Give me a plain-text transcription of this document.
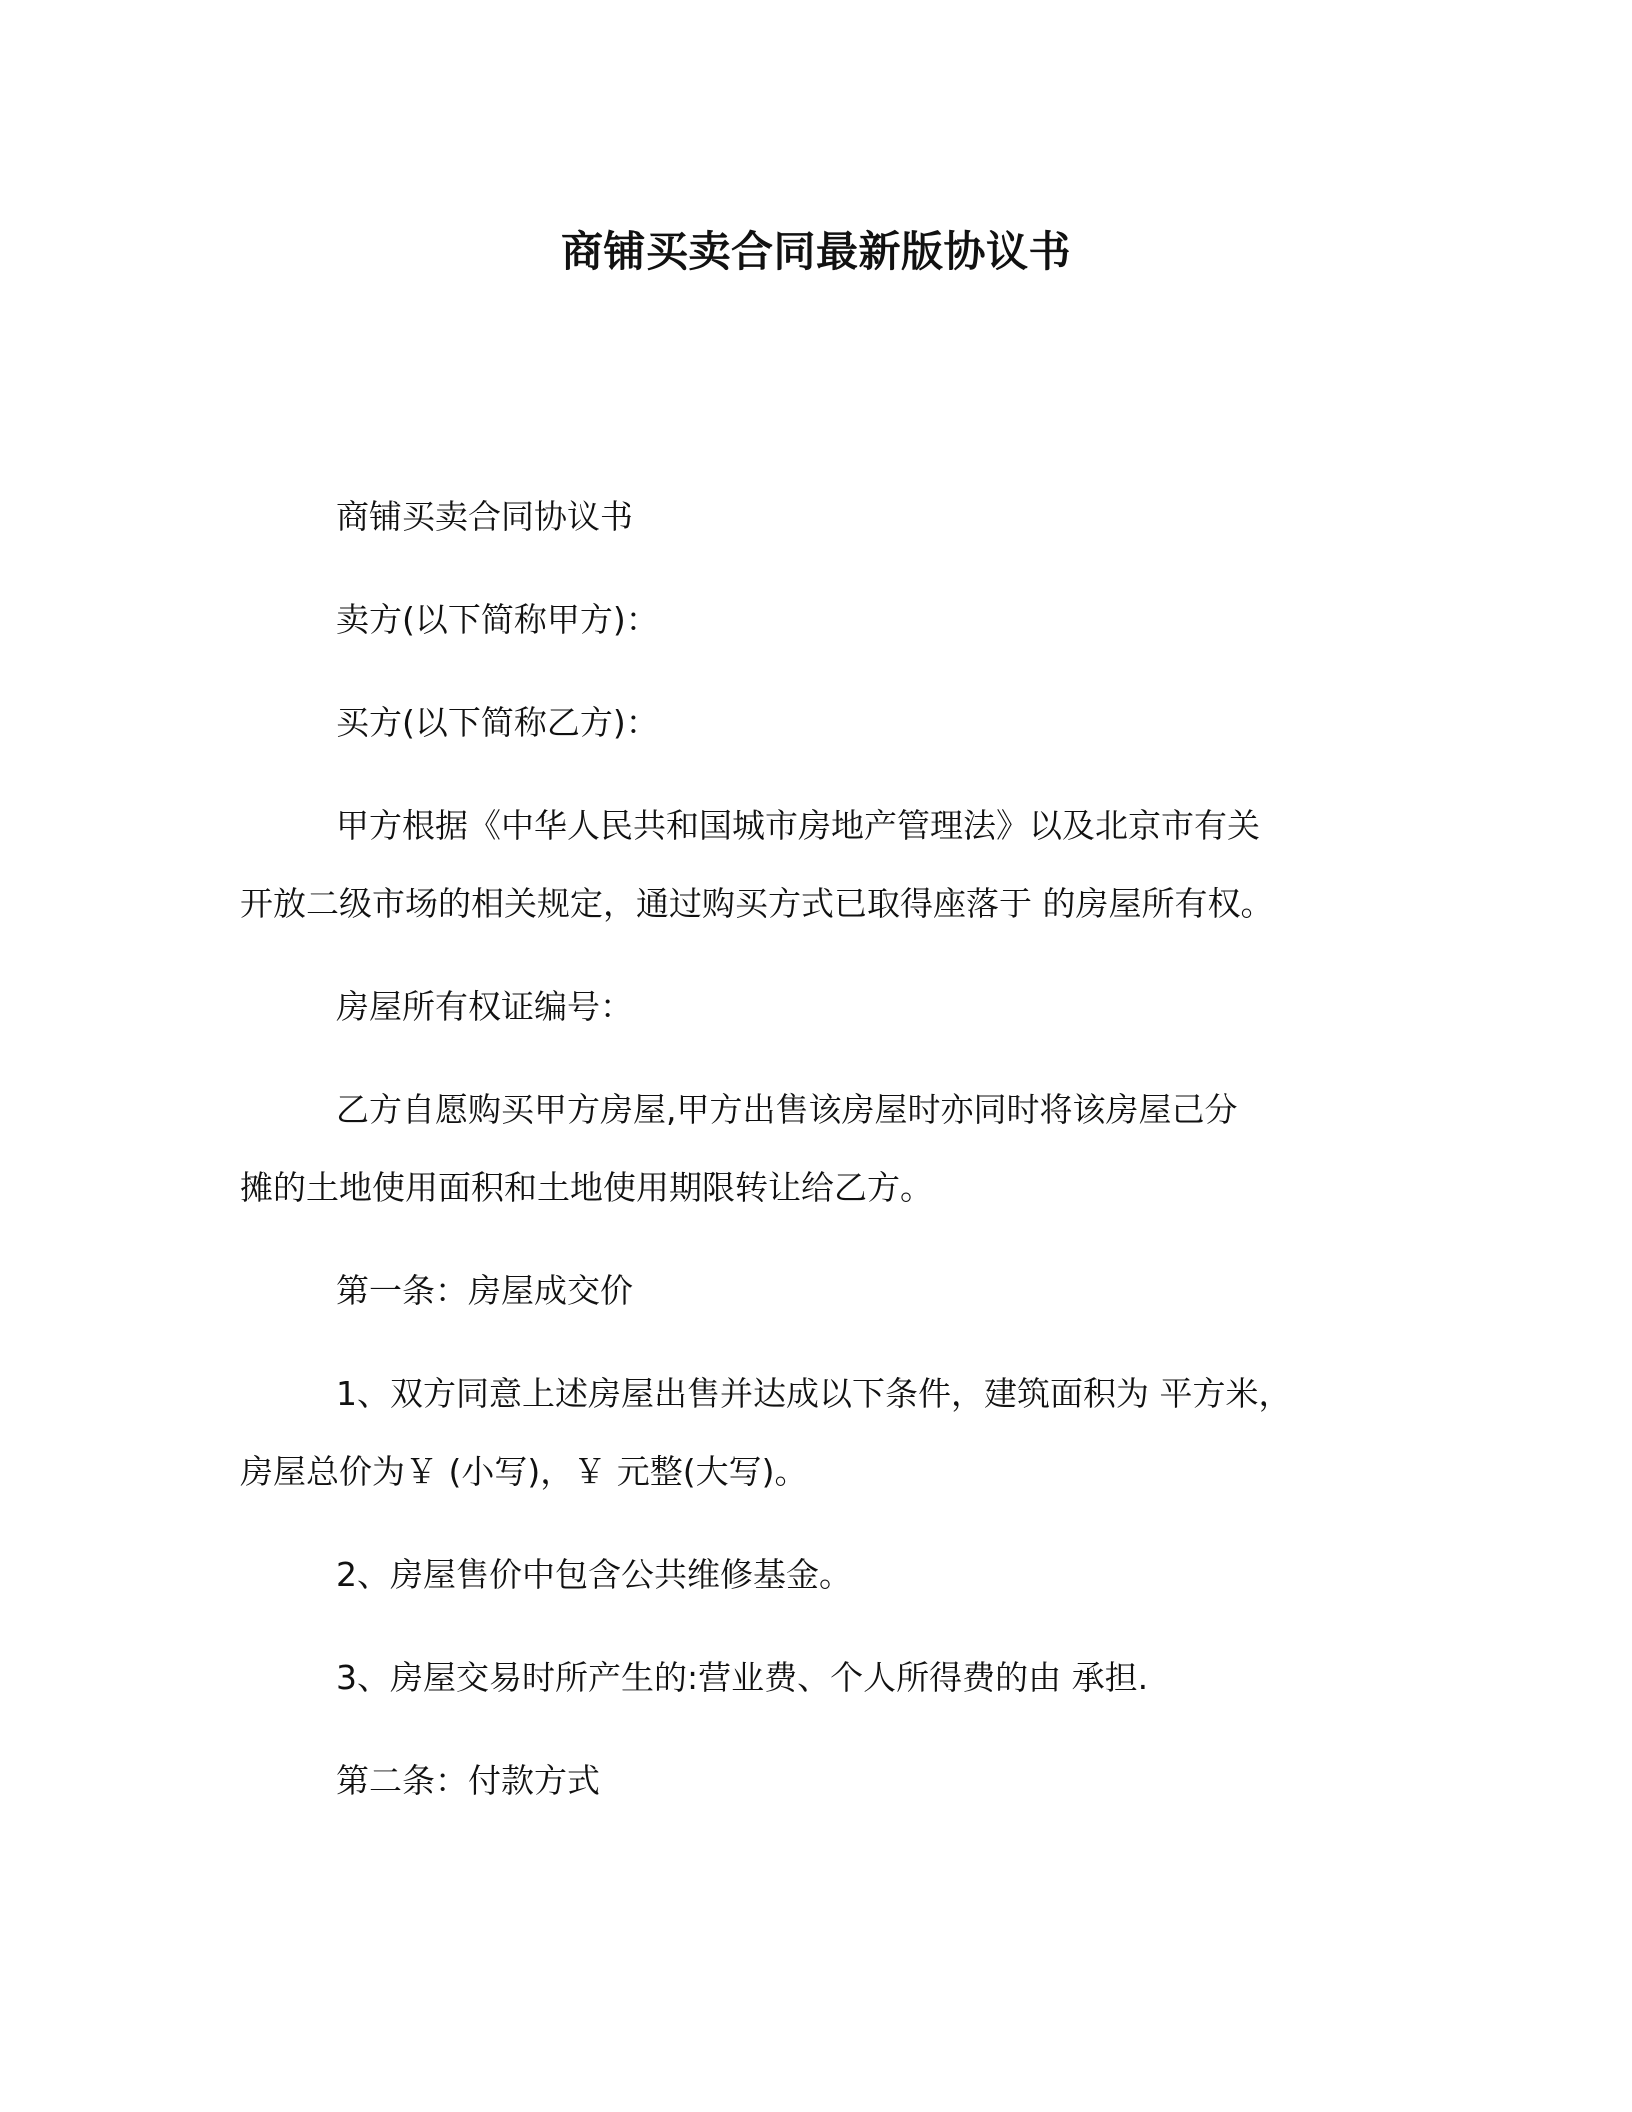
商铺买卖合同最新版协议书
商铺买卖合同协议书
卖方(以下简称甲方)：
买方(以下简称乙方)：
甲方根据《中华人民共和国城市房地产管理法》以及北京市有关
开放二级市场的相关规定，通过购买方式已取得座落于 的房屋所有权。
房屋所有权证编号：
乙方自愿购买甲方房屋,甲方出售该房屋时亦同时将该房屋己分
摊的土地使用面积和土地使用期限转让给乙方。
第一条：房屋成交价
1、双方同意上述房屋出售并达成以下条件，建筑面积为 平方米，
房屋总价为￥ (小写)，￥ 元整(大写)。
2、房屋售价中包含公共维修基金。
3、房屋交易时所产生的:营业费、个人所得费的由 承担.
第二条：付款方式
